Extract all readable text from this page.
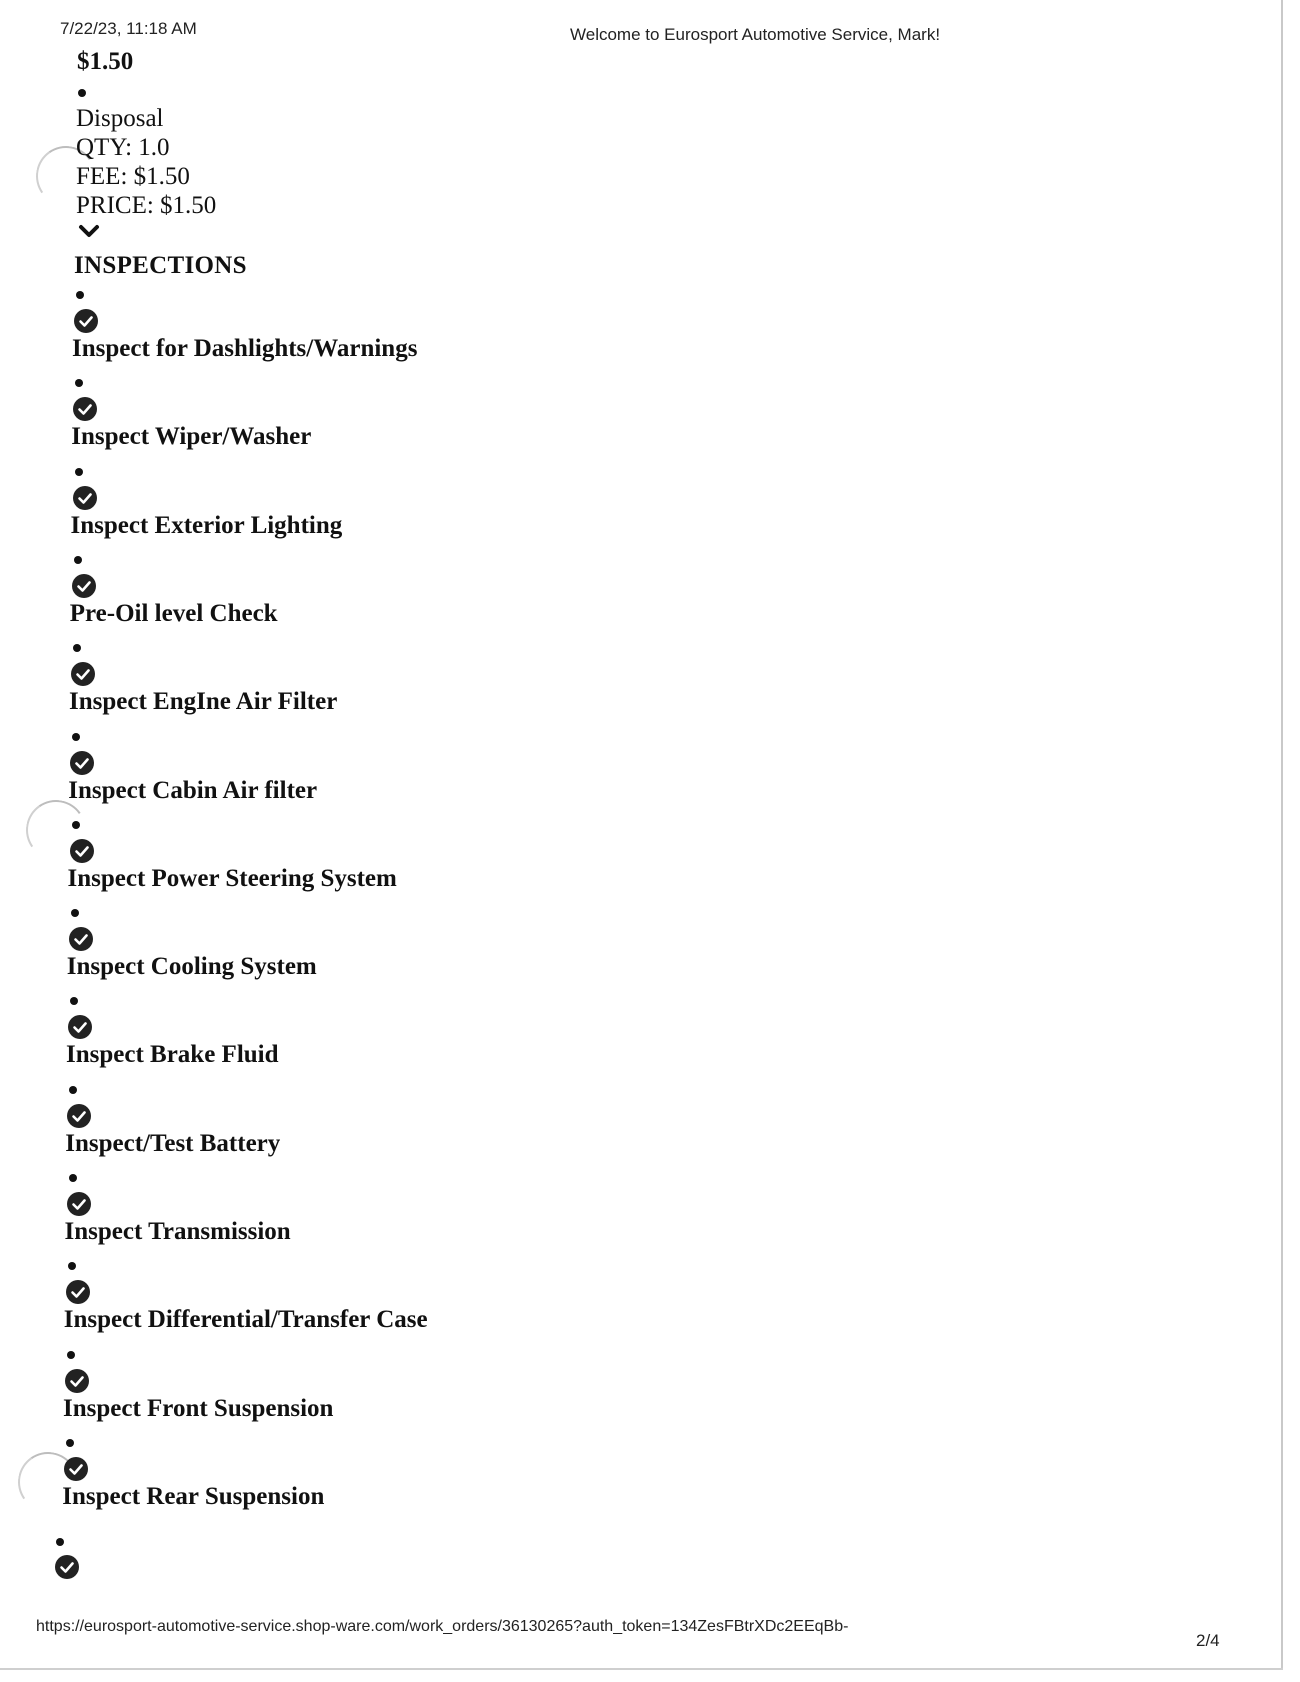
7/22/23, 11:18 AM	Welcome to Eurosport Automotive Service, Mark!
$1.50
Disposal
QTY: 1.0
FEE: $1.50
PRICE: $1.50
INSPECTIONS
Inspect for Dashlights/Warnings
Inspect Wiper/Washer
Inspect Exterior Lighting
Pre-Oil level Check
Inspect EngIne Air Filter
Inspect Cabin Air filter
Inspect Power Steering System
Inspect Cooling System
Inspect Brake Fluid
Inspect/Test Battery
Inspect Transmission
Inspect Differential/Transfer Case
Inspect Front Suspension
Inspect Rear Suspension
https://eurosport-automotive-service.shop-ware.com/work_orders/36130265?auth_token=134ZesFBtrXDc2EEqBb-
2/4
